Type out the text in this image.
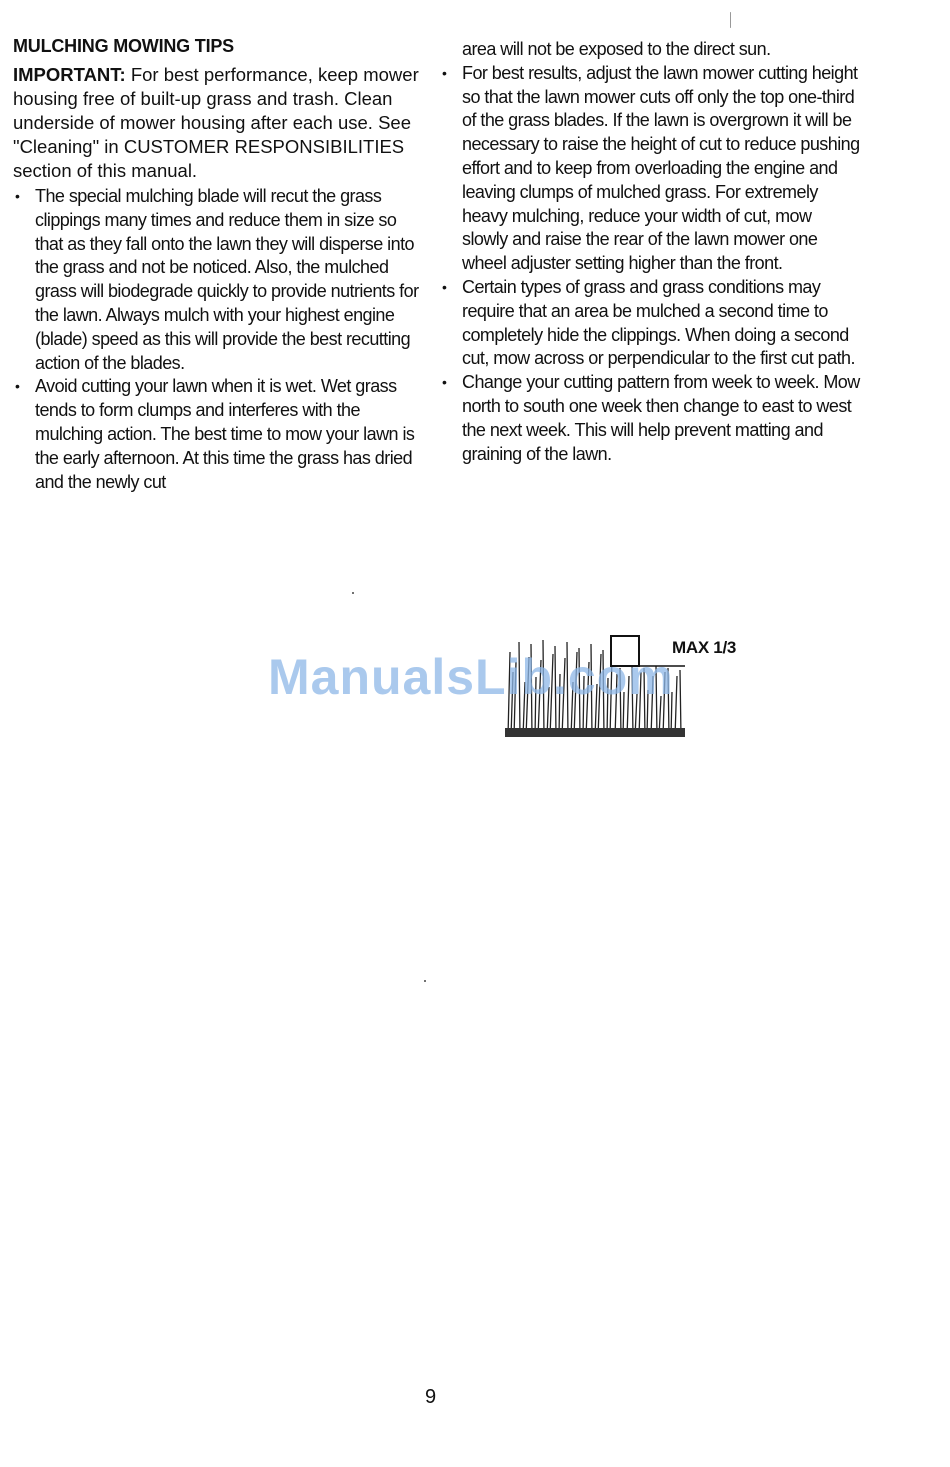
MULCHING MOWING TIPS

IMPORTANT: For best performance, keep mower housing free of built-up grass and trash. Clean underside of mower housing after each use. See "Cleaning" in CUSTOMER RESPONSIBILITIES section of this manual.

• The special mulching blade will recut the grass clippings many times and reduce them in size so that as they fall onto the lawn they will disperse into the grass and not be noticed. Also, the mulched grass will biodegrade quickly to provide nutrients for the lawn. Always mulch with your highest engine (blade) speed as this will provide the best recutting action of the blades.
• Avoid cutting your lawn when it is wet. Wet grass tends to form clumps and interferes with the mulching action. The best time to mow your lawn is the early afternoon. At this time the grass has dried and the newly cut

area will not be exposed to the direct sun.

• For best results, adjust the lawn mower cutting height so that the lawn mower cuts off only the top one-third of the grass blades. If the lawn is overgrown it will be necessary to raise the height of cut to reduce pushing effort and to keep from overloading the engine and leaving clumps of mulched grass. For extremely heavy mulching, reduce your width of cut, mow slowly and raise the rear of the lawn mower one wheel adjuster setting higher than the front.
• Certain types of grass and grass conditions may require that an area be mulched a second time to completely hide the clippings. When doing a second cut, mow across or perpendicular to the first cut path.
• Change your cutting pattern from week to week. Mow north to south one week then change to east to west the next week. This will help prevent matting and graining of the lawn.
MAX 1/3
ManualsLib.com
9
